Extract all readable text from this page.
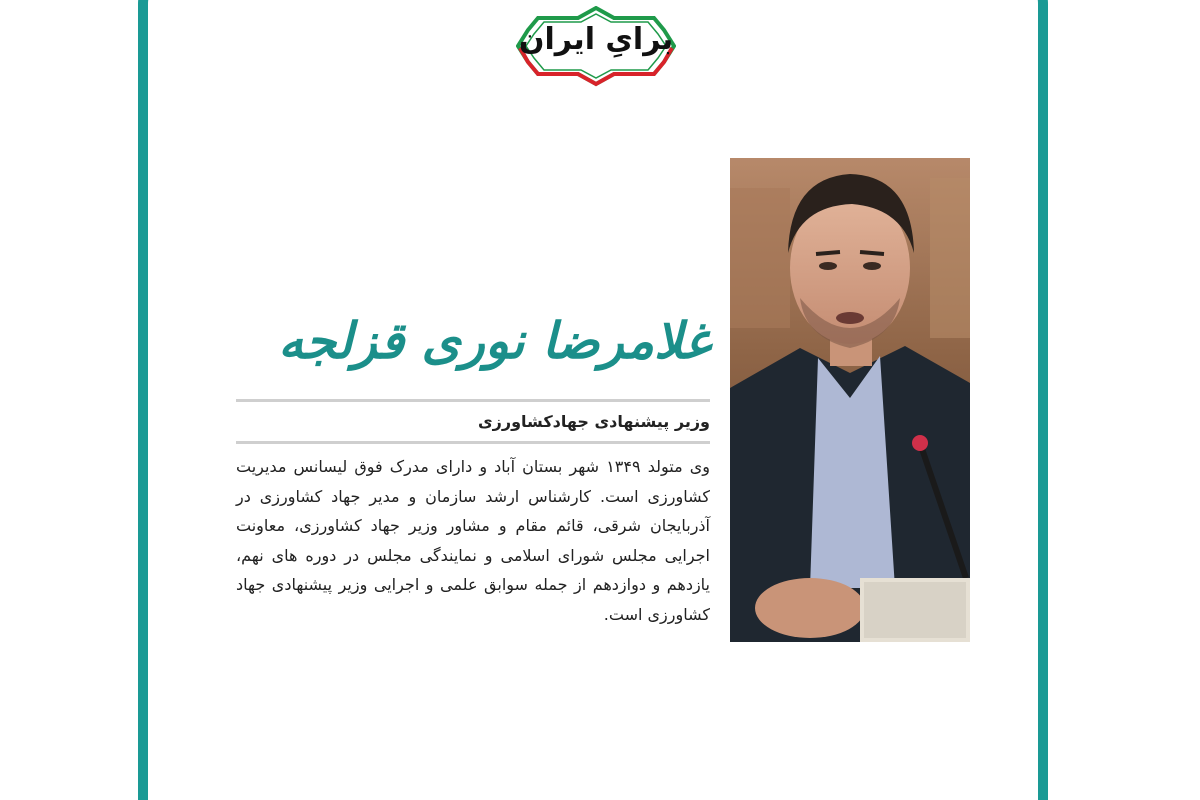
برایِ ایران
غلامرضا نوری قزلجه
وزیر پیشنهادی جهادکشاورزی
وی متولد ۱۳۴۹ شهر بستان آباد و دارای مدرک فوق لیسانس مدیریت کشاورزی است. کارشناس ارشد سازمان و مدیر جهاد کشاورزی در آذربایجان شرقی، قائم مقام و مشاور وزیر جهاد کشاورزی، معاونت اجرایی مجلس شورای اسلامی و نمایندگی مجلس در دوره های نهم، یازدهم و دوازدهم از جمله سوابق علمی و اجرایی وزیر پیشنهادی جهاد کشاورزی است.
